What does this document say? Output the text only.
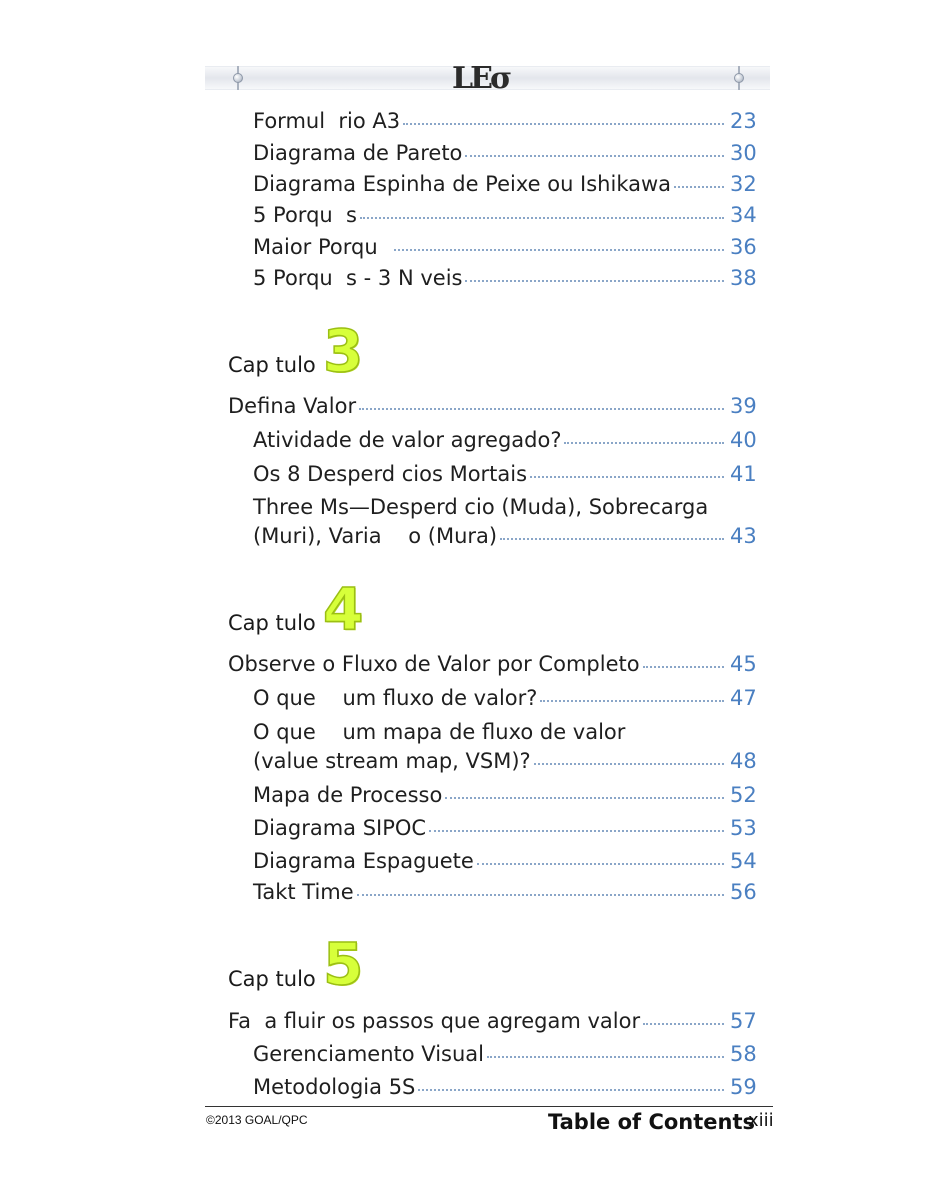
LEσ
Formul  rio A3	23
Diagrama de Pareto	30
Diagrama Espinha de Peixe ou Ishikawa	32
5 Porqu  s	34
Maior Porqu	36
5 Porqu  s - 3 N veis	38
Cap tulo 3
Defina Valor	39
Atividade de valor agregado?	40
Os 8 Desperd cios Mortais	41
Three Ms—Desperd cio (Muda), Sobrecarga
(Muri), Varia    o (Mura)	43
Cap tulo 4
Observe o Fluxo de Valor por Completo	45
O que    um fluxo de valor?	47
O que    um mapa de fluxo de valor
(value stream map, VSM)?	48
Mapa de Processo	52
Diagrama SIPOC	53
Diagrama Espaguete	54
Takt Time	56
Cap tulo 5
Fa  a fluir os passos que agregam valor	57
Gerenciamento Visual	58
Metodologia 5S	59
©2013 GOAL/QPC	Table of Contents
xiii
